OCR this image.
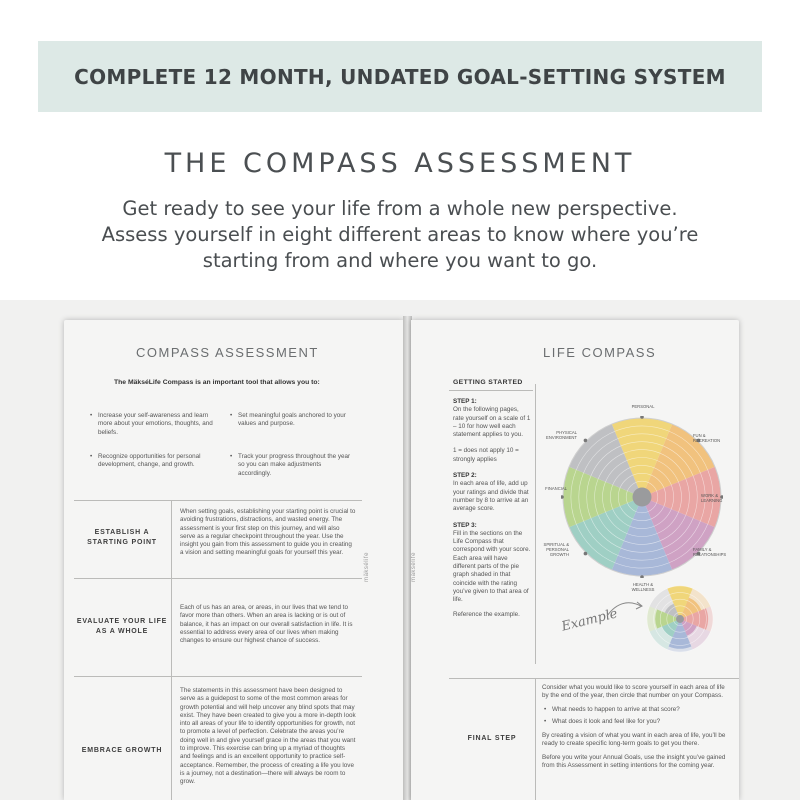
COMPLETE 12 MONTH, UNDATED GOAL-SETTING SYSTEM
THE COMPASS ASSESSMENT
Get ready to see your life from a whole new perspective.
Assess yourself in eight different areas to know where you’re
starting from and where you want to go.
COMPASS ASSESSMENT
The MäkséLife Compass is an important tool that allows you to:
• Increase your self-awareness and learn more about your emotions, thoughts, and beliefs.
• Set meaningful goals anchored to your values and purpose.
• Recognize opportunities for personal development, change, and growth.
• Track your progress throughout the year so you can make adjustments accordingly.
ESTABLISH A STARTING POINT
When setting goals, establishing your starting point is crucial to avoiding frustrations, distractions, and wasted energy. The assessment is your first step on this journey, and will also serve as a regular checkpoint throughout the year. Use the insight you gain from this assessment to guide you in creating a vision and setting meaningful goals for yourself this year.
EVALUATE YOUR LIFE AS A WHOLE
Each of us has an area, or areas, in our lives that we tend to favor more than others. When an area is lacking or is out of balance, it has an impact on our overall satisfaction in life. It is essential to address every area of our lives when making changes to ensure our highest chance of success.
EMBRACE GROWTH
The statements in this assessment have been designed to serve as a guidepost to some of the most common areas for growth potential and will help uncover any blind spots that may exist. They have been created to give you a more in-depth look into all areas of your life to identify opportunities for growth, not to promote a level of perfection. Celebrate the areas you’re doing well in and give yourself grace in the areas that you want to improve. This exercise can bring up a myriad of thoughts and feelings and is an excellent opportunity to practice self-acceptance. Remember, the process of creating a life you love is a journey, not a destination—there will always be room to grow.
mäksélife
LIFE COMPASS
GETTING STARTED
STEP 1:
On the following pages, rate yourself on a scale of 1 – 10 for how well each statement applies to you.
1 = does not apply 10 = strongly applies
STEP 2:
In each area of life, add up your ratings and divide that number by 8 to arrive at an average score.
STEP 3:
Fill in the sections on the Life Compass that correspond with your score. Each area will have different parts of the pie graph shaded in that coincide with the rating you’ve given to that area of life.
Reference the example.
PERSONAL
FUN & RECREATION
WORK & LEARNING
FAMILY & RELATIONSHIPS
HEALTH & WELLNESS
SPIRITUAL & PERSONAL GROWTH
FINANCIAL
PHYSICAL ENVIRONMENT
Example
FINAL STEP
Consider what you would like to score yourself in each area of life by the end of the year, then circle that number on your Compass.
• What needs to happen to arrive at that score?
• What does it look and feel like for you?
By creating a vision of what you want in each area of life, you’ll be ready to create specific long-term goals to get you there.
Before you write your Annual Goals, use the insight you’ve gained from this Assessment in setting intentions for the coming year.
mäksélife
